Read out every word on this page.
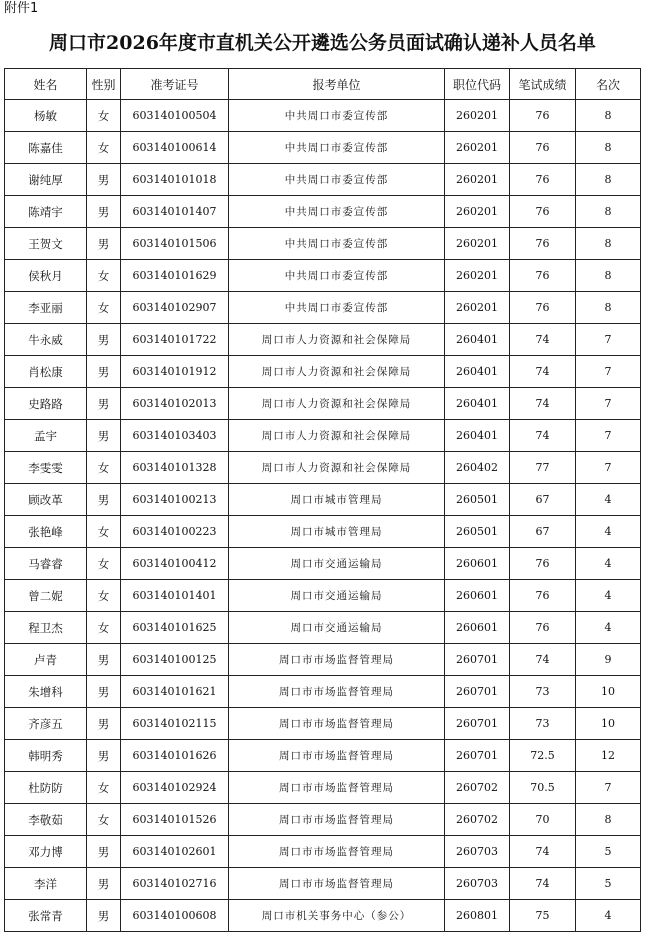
附件1
周口市2026年度市直机关公开遴选公务员面试确认递补人员名单
姓名	性别	准考证号	报考单位	职位代码	笔试成绩	名次
杨敏	女	603140100504	中共周口市委宣传部	260201	76	8
陈嘉佳	女	603140100614	中共周口市委宣传部	260201	76	8
谢纯厚	男	603140101018	中共周口市委宣传部	260201	76	8
陈靖宇	男	603140101407	中共周口市委宣传部	260201	76	8
王贺文	男	603140101506	中共周口市委宣传部	260201	76	8
侯秋月	女	603140101629	中共周口市委宣传部	260201	76	8
李亚丽	女	603140102907	中共周口市委宣传部	260201	76	8
牛永威	男	603140101722	周口市人力资源和社会保障局	260401	74	7
肖松康	男	603140101912	周口市人力资源和社会保障局	260401	74	7
史路路	男	603140102013	周口市人力资源和社会保障局	260401	74	7
孟宇	男	603140103403	周口市人力资源和社会保障局	260401	74	7
李雯雯	女	603140101328	周口市人力资源和社会保障局	260402	77	7
顾改革	男	603140100213	周口市城市管理局	260501	67	4
张艳峰	女	603140100223	周口市城市管理局	260501	67	4
马睿睿	女	603140100412	周口市交通运输局	260601	76	4
曾二妮	女	603140101401	周口市交通运输局	260601	76	4
程卫杰	女	603140101625	周口市交通运输局	260601	76	4
卢青	男	603140100125	周口市市场监督管理局	260701	74	9
朱增科	男	603140101621	周口市市场监督管理局	260701	73	10
齐彦五	男	603140102115	周口市市场监督管理局	260701	73	10
韩明秀	男	603140101626	周口市市场监督管理局	260701	72.5	12
杜防防	女	603140102924	周口市市场监督管理局	260702	70.5	7
李敬茹	女	603140101526	周口市市场监督管理局	260702	70	8
邓力博	男	603140102601	周口市市场监督管理局	260703	74	5
李洋	男	603140102716	周口市市场监督管理局	260703	74	5
张常青	男	603140100608	周口市机关事务中心（参公）	260801	75	4
